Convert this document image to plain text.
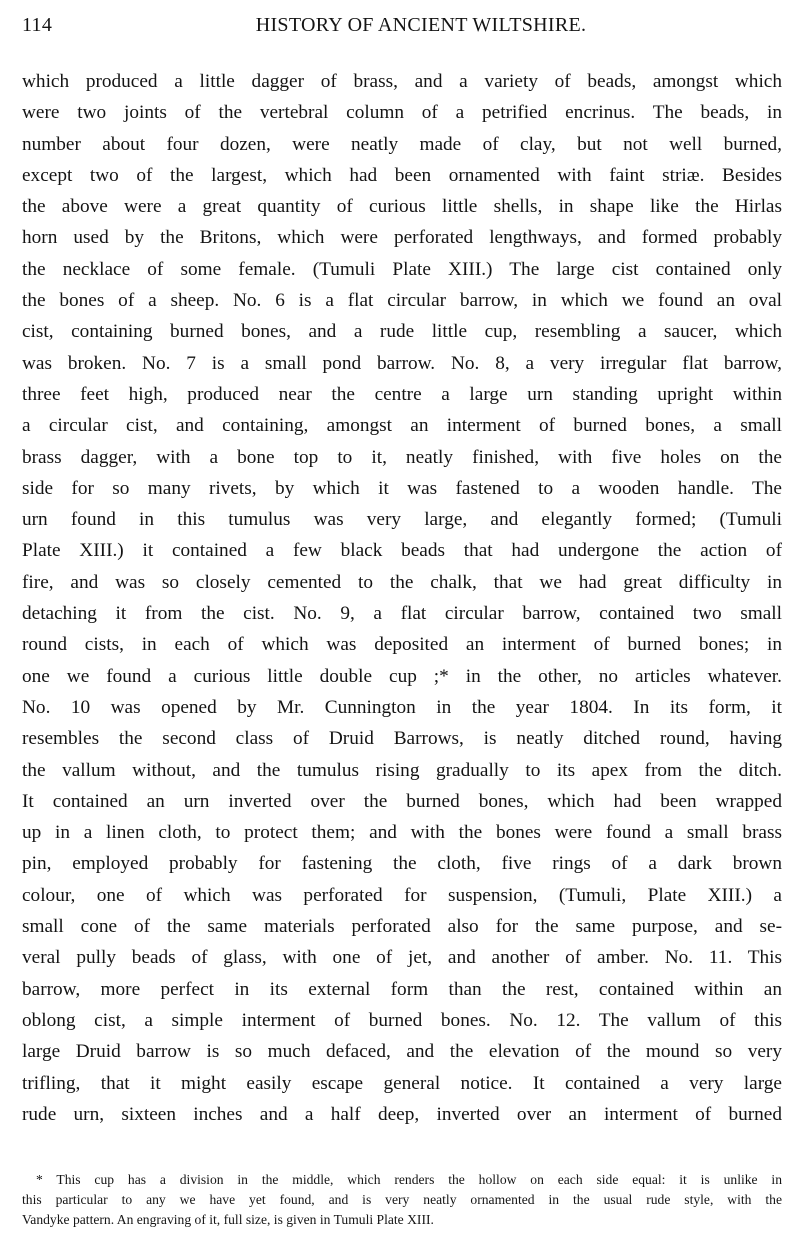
114	HISTORY OF ANCIENT WILTSHIRE.
which produced a little dagger of brass, and a variety of beads, amongst which
were two joints of the vertebral column of a petrified encrinus. The beads, in
number about four dozen, were neatly made of clay, but not well burned,
except two of the largest, which had been ornamented with faint striæ. Besides
the above were a great quantity of curious little shells, in shape like the Hirlas
horn used by the Britons, which were perforated lengthways, and formed probably
the necklace of some female. (Tumuli Plate XIII.) The large cist contained only
the bones of a sheep. No. 6 is a flat circular barrow, in which we found an oval
cist, containing burned bones, and a rude little cup, resembling a saucer, which
was broken. No. 7 is a small pond barrow. No. 8, a very irregular flat barrow,
three feet high, produced near the centre a large urn standing upright within
a circular cist, and containing, amongst an interment of burned bones, a small
brass dagger, with a bone top to it, neatly finished, with five holes on the
side for so many rivets, by which it was fastened to a wooden handle. The
urn found in this tumulus was very large, and elegantly formed; (Tumuli
Plate XIII.) it contained a few black beads that had undergone the action of
fire, and was so closely cemented to the chalk, that we had great difficulty in
detaching it from the cist. No. 9, a flat circular barrow, contained two small
round cists, in each of which was deposited an interment of burned bones; in
one we found a curious little double cup ;* in the other, no articles whatever.
No. 10 was opened by Mr. Cunnington in the year 1804. In its form, it
resembles the second class of Druid Barrows, is neatly ditched round, having
the vallum without, and the tumulus rising gradually to its apex from the ditch.
It contained an urn inverted over the burned bones, which had been wrapped
up in a linen cloth, to protect them; and with the bones were found a small brass
pin, employed probably for fastening the cloth, five rings of a dark brown
colour, one of which was perforated for suspension, (Tumuli, Plate XIII.) a
small cone of the same materials perforated also for the same purpose, and se-
veral pully beads of glass, with one of jet, and another of amber. No. 11. This
barrow, more perfect in its external form than the rest, contained within an
oblong cist, a simple interment of burned bones. No. 12. The vallum of this
large Druid barrow is so much defaced, and the elevation of the mound so very
trifling, that it might easily escape general notice. It contained a very large
rude urn, sixteen inches and a half deep, inverted over an interment of burned
* This cup has a division in the middle, which renders the hollow on each side equal: it is unlike in
this particular to any we have yet found, and is very neatly ornamented in the usual rude style, with the
Vandyke pattern. An engraving of it, full size, is given in Tumuli Plate XIII.
